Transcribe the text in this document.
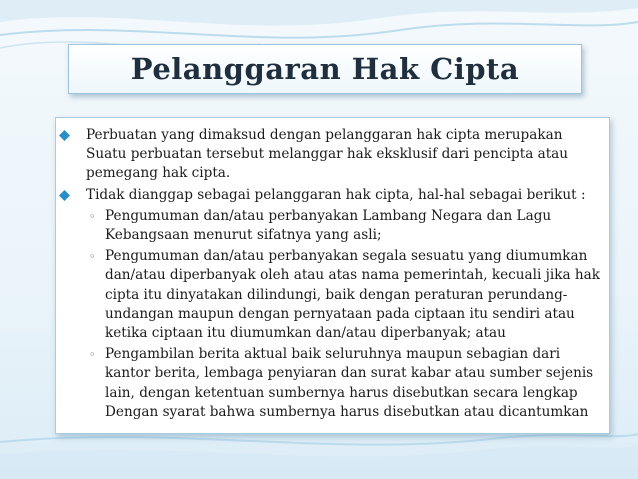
Pelanggaran Hak Cipta
Perbuatan yang dimaksud dengan pelanggaran hak cipta merupakan
Suatu perbuatan tersebut melanggar hak eksklusif dari pencipta atau
pemegang hak cipta.
Tidak dianggap sebagai pelanggaran hak cipta, hal-hal sebagai berikut :
◦ Pengumuman dan/atau perbanyakan Lambang Negara dan Lagu
Kebangsaan menurut sifatnya yang asli;
◦ Pengumuman dan/atau perbanyakan segala sesuatu yang diumumkan
dan/atau diperbanyak oleh atau atas nama pemerintah, kecuali jika hak
cipta itu dinyatakan dilindungi, baik dengan peraturan perundang-
undangan maupun dengan pernyataan pada ciptaan itu sendiri atau
ketika ciptaan itu diumumkan dan/atau diperbanyak; atau
◦ Pengambilan berita aktual baik seluruhnya maupun sebagian dari
kantor berita, lembaga penyiaran dan surat kabar atau sumber sejenis
lain, dengan ketentuan sumbernya harus disebutkan secara lengkap
Dengan syarat bahwa sumbernya harus disebutkan atau dicantumkan
